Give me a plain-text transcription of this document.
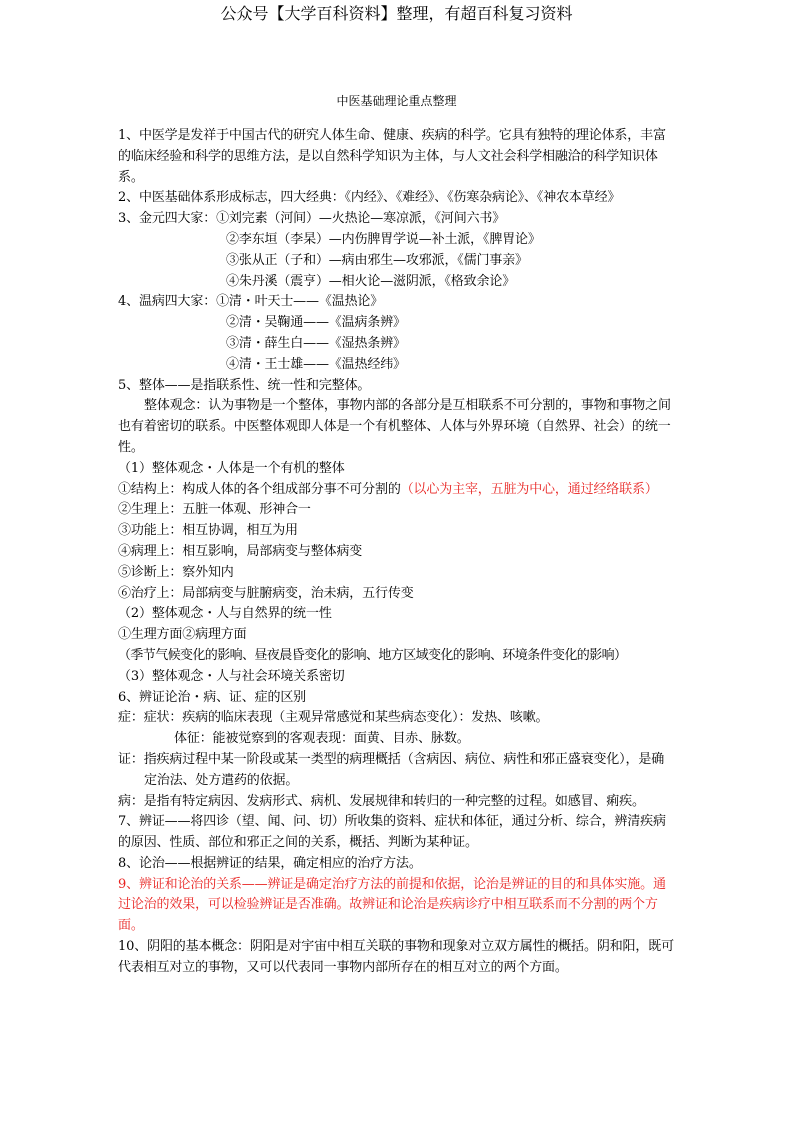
公众号【大学百科资料】整理，有超百科复习资料
中医基础理论重点整理

1、中医学是发祥于中国古代的研究人体生命、健康、疾病的科学。它具有独特的理论体系，丰富的临床经验和科学的思维方法，是以自然科学知识为主体，与人文社会科学相融洽的科学知识体系。

2、中医基础体系形成标志，四大经典：《内经》、《难经》、《伤寒杂病论》、《神农本草经》

3、金元四大家：①刘完素（河间）—火热论—寒凉派，《河间六书》

②李东垣（李杲）—内伤脾胃学说—补土派，《脾胃论》

③张从正（子和）—病由邪生—攻邪派，《儒门事亲》

④朱丹溪（震亨）—相火论—滋阴派，《格致余论》

4、温病四大家：①清・叶天士——《温热论》

②清・吴鞠通——《温病条辨》

③清・薛生白——《湿热条辨》

④清・王士雄——《温热经纬》

5、整体——是指联系性、统一性和完整体。

整体观念：认为事物是一个整体，事物内部的各部分是互相联系不可分割的，事物和事物之间也有着密切的联系。中医整体观即人体是一个有机整体、人体与外界环境（自然界、社会）的统一性。

（1）整体观念・人体是一个有机的整体

①结构上：构成人体的各个组成部分事不可分割的（以心为主宰，五脏为中心，通过经络联系）

②生理上：五脏一体观、形神合一

③功能上：相互协调，相互为用

④病理上：相互影响，局部病变与整体病变

⑤诊断上：察外知内

⑥治疗上：局部病变与脏腑病变，治未病，五行传变

（2）整体观念・人与自然界的统一性

①生理方面②病理方面

（季节气候变化的影响、昼夜晨昏变化的影响、地方区域变化的影响、环境条件变化的影响）

（3）整体观念・人与社会环境关系密切

6、辨证论治・病、证、症的区别

症：症状：疾病的临床表现（主观异常感觉和某些病态变化）：发热、咳嗽。

体征：能被觉察到的客观表现：面黄、目赤、脉数。

证：指疾病过程中某一阶段或某一类型的病理概括（含病因、病位、病性和邪正盛衰变化），是确定治法、处方遣药的依据。

病：是指有特定病因、发病形式、病机、发展规律和转归的一种完整的过程。如感冒、痢疾。

7、辨证——将四诊（望、闻、问、切）所收集的资料、症状和体征，通过分析、综合，辨清疾病的原因、性质、部位和邪正之间的关系，概括、判断为某种证。

8、论治——根据辨证的结果，确定相应的治疗方法。

9、辨证和论治的关系——辨证是确定治疗方法的前提和依据，论治是辨证的目的和具体实施。通过论治的效果，可以检验辨证是否准确。故辨证和论治是疾病诊疗中相互联系而不分割的两个方面。

10、阴阳的基本概念：阴阳是对宇宙中相互关联的事物和现象对立双方属性的概括。阴和阳，既可代表相互对立的事物，又可以代表同一事物内部所存在的相互对立的两个方面。
